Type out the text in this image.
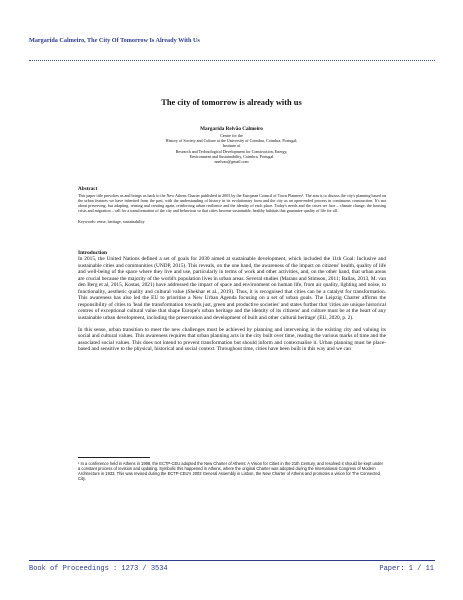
Margarida Calmeiro, The City Of Tomorrow Is Already With Us
The city of tomorrow is already with us
Margarida Relvão Calmeiro
Centre for the
History of Society and Culture at the University of Coimbra, Coimbra, Portugal;
Institute of
Research and Technological Development for Construction, Energy,
Environment and Sustainability, Coimbra, Portugal
nnelvao@gmail.com
Abstract
This paper title provokes us and brings us back to the New Athens Charter published in 2003 by the European Council of Town Planners¹. The aim is to discuss the city's planning based on the urban features we have inherited from the past, with the understanding of history in its evolutionary form and the city as an open-ended process in continuous construction. It's not about preserving, but adapting, reusing and creating again, reinforcing urban resilience and the identity of each place. Today's needs and the crises we face – climate change, the housing crisis and migration – call for a transformation of the city and behaviour so that cities become sustainable, healthy habitats that guarantee quality of life for all.
Keywords: reuse, heritage, sustainability
Introduction

In 2015, the United Nations defined a set of goals for 2030 aimed at sustainable development, which included the 11th Goal: Inclusive and sustainable cities and communities (UNDP, 2015). This reveals, on the one hand, the awareness of the impact on citizens' health, quality of life and well-being of the space where they live and use, particularly in terms of work and other activities, and, on the other hand, that urban areas are crucial because the majority of the world's population lives in urban areas. Several studies (Marans and Stimson, 2011; Ballas, 2013, M. van den Berg et al, 2015, Kostas, 2021) have addressed the impact of space and environment on human life, from air quality, lighting and noise, to functionality, aesthetic quality and cultural value (Shekhar et al., 2019). Thus, it is recognised that cities can be a catalyst for transformation. This awareness has also led the EU to prioritise a New Urban Agenda focusing on a set of urban goals. The Leipzig Charter affirms the responsibility of cities to 'lead the transformation towards just, green and productive societies' and states further that 'cities are unique historical centres of exceptional cultural value that shape Europe's urban heritage and the identity of its citizens' and culture must be at the heart of any sustainable urban development, including the preservation and development of built and other cultural heritage' (EU, 2020, p. 2).

In this sense, urban transition to meet the new challenges must be achieved by planning and intervening in the existing city and valuing its social and cultural values. This awareness requires that urban planning acts in the city built over time, reading the various marks of time and the associated social values. This does not intend to prevent transformation but should inform and contextualise it. Urban planning must be place-based and sensitive to the physical, historical and social context. Throughout time, cities have been built in this way and we can

¹ In a conference held in Athens in 1998, the ECTP-CEU adopted the New Charter of Athens: A Vision for Cities in the 21th Century, and resolved it should be kept under a constant process of revision and updating. Symbolic this happened in Athens, where the original Charter was adopted during the International Congress of Modern Architecture in 1933. This was revised during the ECTP-CEU's 2003 General Assembly in Lisbon, the New Charter of Athens and promotes a vision for The Connected City.
Book of Proceedings : 1273 / 3534	Paper: 1 / 11
